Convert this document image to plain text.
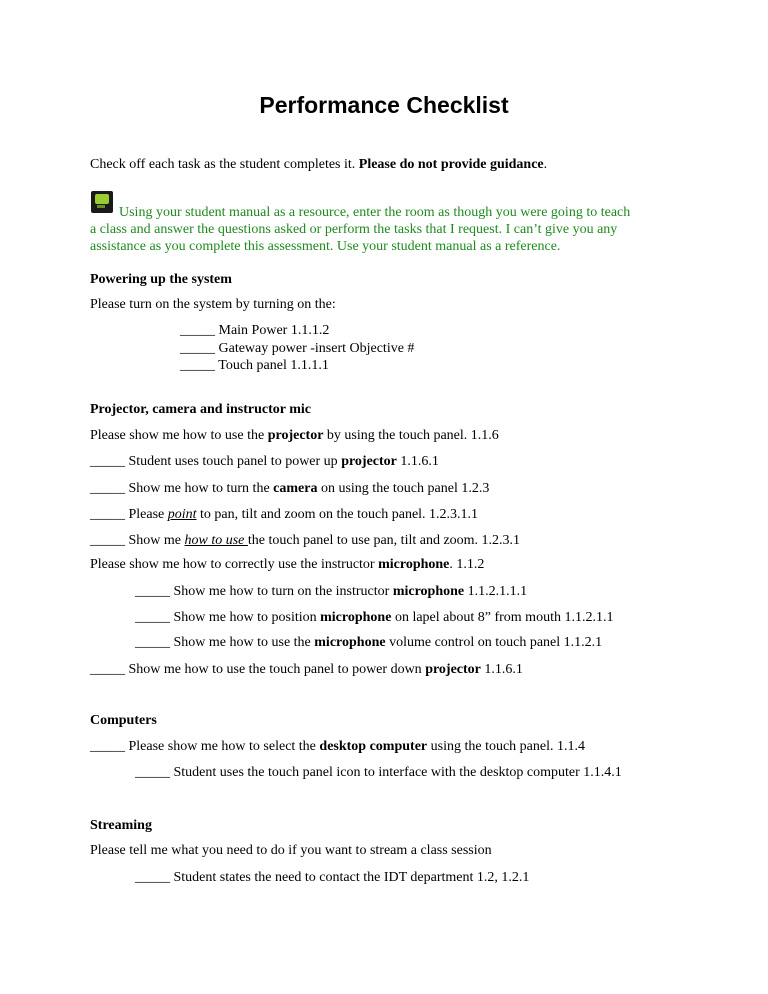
Performance Checklist
Check off each task as the student completes it. Please do not provide guidance.
Using your student manual as a resource, enter the room as though you were going to teach
a class and answer the questions asked or perform the tasks that I request. I can’t give you any
assistance as you complete this assessment. Use your student manual as a reference.
Powering up the system
Please turn on the system by turning on the:
_____ Main Power 1.1.1.2
_____ Gateway power -insert Objective #
_____ Touch panel 1.1.1.1
Projector, camera and instructor mic
Please show me how to use the projector by using the touch panel. 1.1.6
_____ Student uses touch panel to power up projector 1.1.6.1
_____ Show me how to turn the camera on using the touch panel 1.2.3
_____ Please point to pan, tilt and zoom on the touch panel. 1.2.3.1.1
_____ Show me how to use the touch panel to use pan, tilt and zoom. 1.2.3.1
Please show me how to correctly use the instructor microphone. 1.1.2
_____ Show me how to turn on the instructor microphone 1.1.2.1.1.1
_____ Show me how to position microphone on lapel about 8” from mouth 1.1.2.1.1
_____ Show me how to use the microphone volume control on touch panel 1.1.2.1
_____ Show me how to use the touch panel to power down projector 1.1.6.1
Computers
_____ Please show me how to select the desktop computer using the touch panel. 1.1.4
_____ Student uses the touch panel icon to interface with the desktop computer 1.1.4.1
Streaming
Please tell me what you need to do if you want to stream a class session
_____ Student states the need to contact the IDT department 1.2, 1.2.1
